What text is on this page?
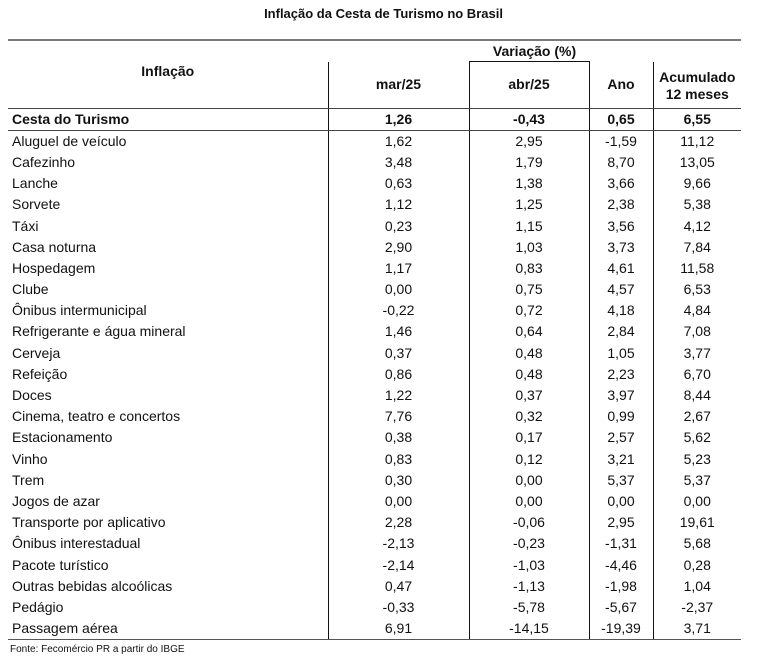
Inflação da Cesta de Turismo no Brasil
Inflação	Variação (%)			
	mar/25	abr/25	Ano	Acumulado
12 meses

Cesta do Turismo	1,26	-0,43	0,65	6,55
Aluguel de veículo	1,62	2,95	-1,59	11,12
Cafezinho	3,48	1,79	8,70	13,05
Lanche	0,63	1,38	3,66	9,66
Sorvete	1,12	1,25	2,38	5,38
Táxi	0,23	1,15	3,56	4,12
Casa noturna	2,90	1,03	3,73	7,84
Hospedagem	1,17	0,83	4,61	11,58
Clube	0,00	0,75	4,57	6,53
Ônibus intermunicipal	-0,22	0,72	4,18	4,84
Refrigerante e água mineral	1,46	0,64	2,84	7,08
Cerveja	0,37	0,48	1,05	3,77
Refeição	0,86	0,48	2,23	6,70
Doces	1,22	0,37	3,97	8,44
Cinema, teatro e concertos	7,76	0,32	0,99	2,67
Estacionamento	0,38	0,17	2,57	5,62
Vinho	0,83	0,12	3,21	5,23
Trem	0,30	0,00	5,37	5,37
Jogos de azar	0,00	0,00	0,00	0,00
Transporte por aplicativo	2,28	-0,06	2,95	19,61
Ônibus interestadual	-2,13	-0,23	-1,31	5,68
Pacote turístico	-2,14	-1,03	-4,46	0,28
Outras bebidas alcoólicas	0,47	-1,13	-1,98	1,04
Pedágio	-0,33	-5,78	-5,67	-2,37
Passagem aérea	6,91	-14,15	-19,39	3,71
Fonte: Fecomércio PR a partir do IBGE
